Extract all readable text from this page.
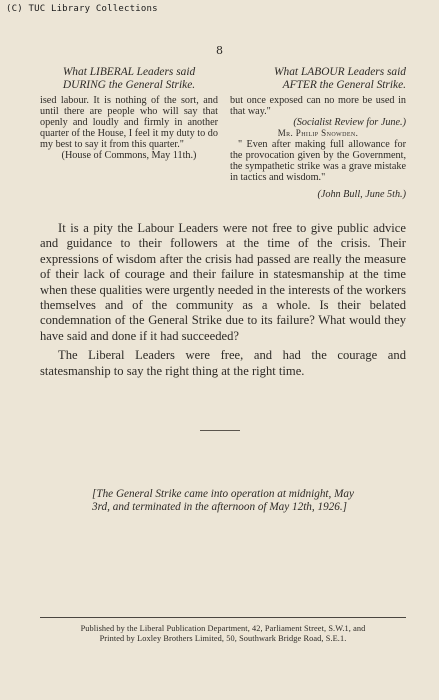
(C) TUC Library Collections
8
What LIBERAL Leaders said
DURING the General Strike.

ised labour. It is nothing of the sort, and until there are people who will say that openly and loudly and firmly in another quarter of the House, I feel it my duty to do my best to say it from this quarter."

(House of Commons, May 11th.)

What LABOUR Leaders said
AFTER the General Strike.

but once exposed can no more be used in that way."

(Socialist Review for June.)

Mr. Philip Snowden.

" Even after making full allowance for the provocation given by the Government, the sympathetic strike was a grave mistake in tactics and wisdom."

(John Bull, June 5th.)

It is a pity the Labour Leaders were not free to give public advice and guidance to their followers at the time of the crisis. Their expressions of wisdom after the crisis had passed are really the measure of their lack of courage and their failure in statesmanship at the time when these qualities were urgently needed in the interests of the workers themselves and of the community as a whole. Is their belated condemnation of the General Strike due to its failure? What would they have said and done if it had succeeded?

The Liberal Leaders were free, and had the courage and statesmanship to say the right thing at the right time.

[The General Strike came into operation at midnight, May 3rd, and terminated in the afternoon of May 12th, 1926.]
Published by the Liberal Publication Department, 42, Parliament Street, S.W.1, and
Printed by Loxley Brothers Limited, 50, Southwark Bridge Road, S.E.1.
